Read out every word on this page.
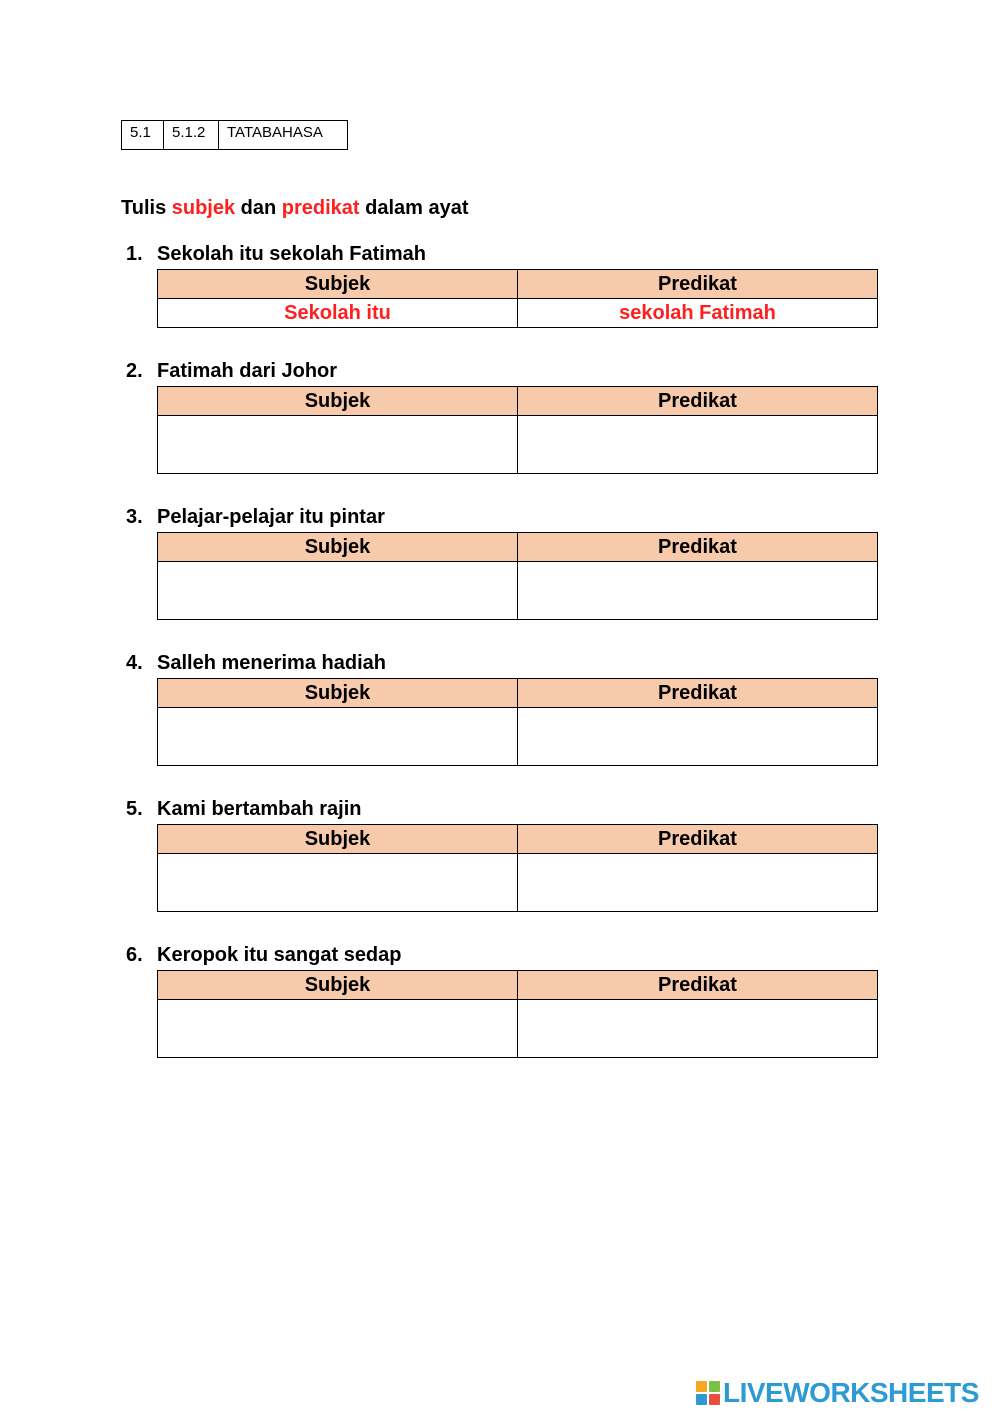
5.1	5.1.2	TATABAHASA
Tulis subjek dan predikat dalam ayat
1. Sekolah itu sekolah Fatimah
Subjek	Predikat
Sekolah itu	sekolah Fatimah
2. Fatimah dari Johor
Subjek	Predikat

3. Pelajar-pelajar itu pintar
Subjek	Predikat

4. Salleh menerima hadiah
Subjek	Predikat

5. Kami bertambah rajin
Subjek	Predikat

6. Keropok itu sangat sedap
Subjek	Predikat

LIVEWORKSHEETS
